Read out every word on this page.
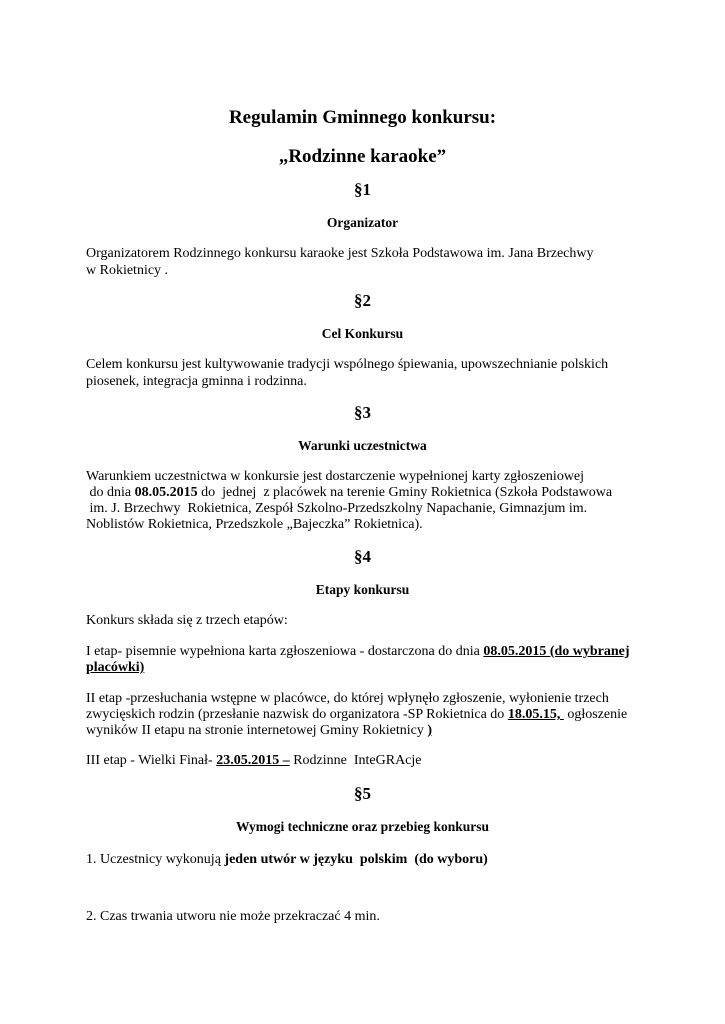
Regulamin Gminnego konkursu:
„Rodzinne karaoke”
§1
Organizator
Organizatorem Rodzinnego konkursu karaoke jest Szkoła Podstawowa im. Jana Brzechwy
w Rokietnicy .
§2
Cel Konkursu
Celem konkursu jest kultywowanie tradycji wspólnego śpiewania, upowszechnianie polskich
piosenek, integracja gminna i rodzinna.
§3
Warunki uczestnictwa
Warunkiem uczestnictwa w konkursie jest dostarczenie wypełnionej karty zgłoszeniowej
do dnia 08.05.2015 do  jednej  z placówek na terenie Gminy Rokietnica (Szkoła Podstawowa
im. J. Brzechwy  Rokietnica, Zespół Szkolno-Przedszkolny Napachanie, Gimnazjum im.
Noblistów Rokietnica, Przedszkole „Bajeczka” Rokietnica).
§4
Etapy konkursu
Konkurs składa się z trzech etapów:
I etap- pisemnie wypełniona karta zgłoszeniowa - dostarczona do dnia 08.05.2015 (do wybranej
placówki)
II etap -przesłuchania wstępne w placówce, do której wpłynęło zgłoszenie, wyłonienie trzech
zwycięskich rodzin (przesłanie nazwisk do organizatora -SP Rokietnica do 18.05.15,  ogłoszenie
wyników II etapu na stronie internetowej Gminy Rokietnicy )
III etap - Wielki Finał- 23.05.2015 – Rodzinne  InteGRAcje
§5
Wymogi techniczne oraz przebieg konkursu
1. Uczestnicy wykonują jeden utwór w języku  polskim  (do wyboru)
2. Czas trwania utworu nie może przekraczać 4 min.
